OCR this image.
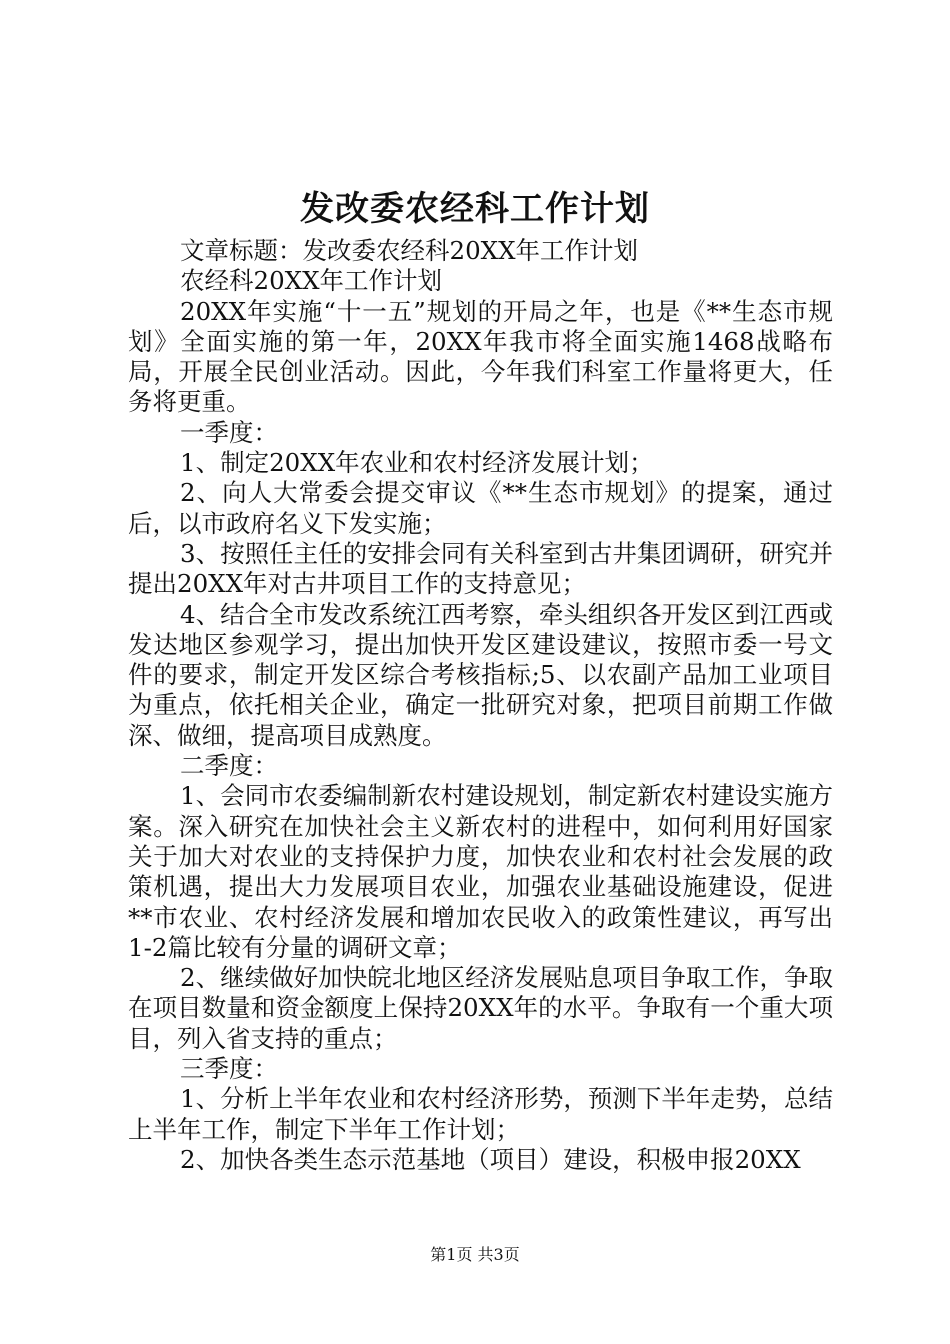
发改委农经科工作计划

文章标题：发改委农经科20XX年工作计划

农经科20XX年工作计划

20XX年实施“十一五”规划的开局之年，也是《**生态市规划》全面实施的第一年，20XX年我市将全面实施1468战略布局，开展全民创业活动。因此，今年我们科室工作量将更大，任务将更重。

一季度：

1、制定20XX年农业和农村经济发展计划；

2、向人大常委会提交审议《**生态市规划》的提案，通过后，以市政府名义下发实施；

3、按照任主任的安排会同有关科室到古井集团调研，研究并提出20XX年对古井项目工作的支持意见；

4、结合全市发改系统江西考察，牵头组织各开发区到江西或发达地区参观学习，提出加快开发区建设建议，按照市委一号文件的要求，制定开发区综合考核指标;5、以农副产品加工业项目为重点，依托相关企业，确定一批研究对象，把项目前期工作做深、做细，提高项目成熟度。

二季度：

1、会同市农委编制新农村建设规划，制定新农村建设实施方案。深入研究在加快社会主义新农村的进程中，如何利用好国家关于加大对农业的支持保护力度，加快农业和农村社会发展的政策机遇，提出大力发展项目农业，加强农业基础设施建设，促进**市农业、农村经济发展和增加农民收入的政策性建议，再写出1-2篇比较有分量的调研文章；

2、继续做好加快皖北地区经济发展贴息项目争取工作，争取在项目数量和资金额度上保持20XX年的水平。争取有一个重大项目，列入省支持的重点；

三季度：

1、分析上半年农业和农村经济形势，预测下半年走势，总结上半年工作，制定下半年工作计划；

2、加快各类生态示范基地（项目）建设，积极申报20XX

第1页 共3页
